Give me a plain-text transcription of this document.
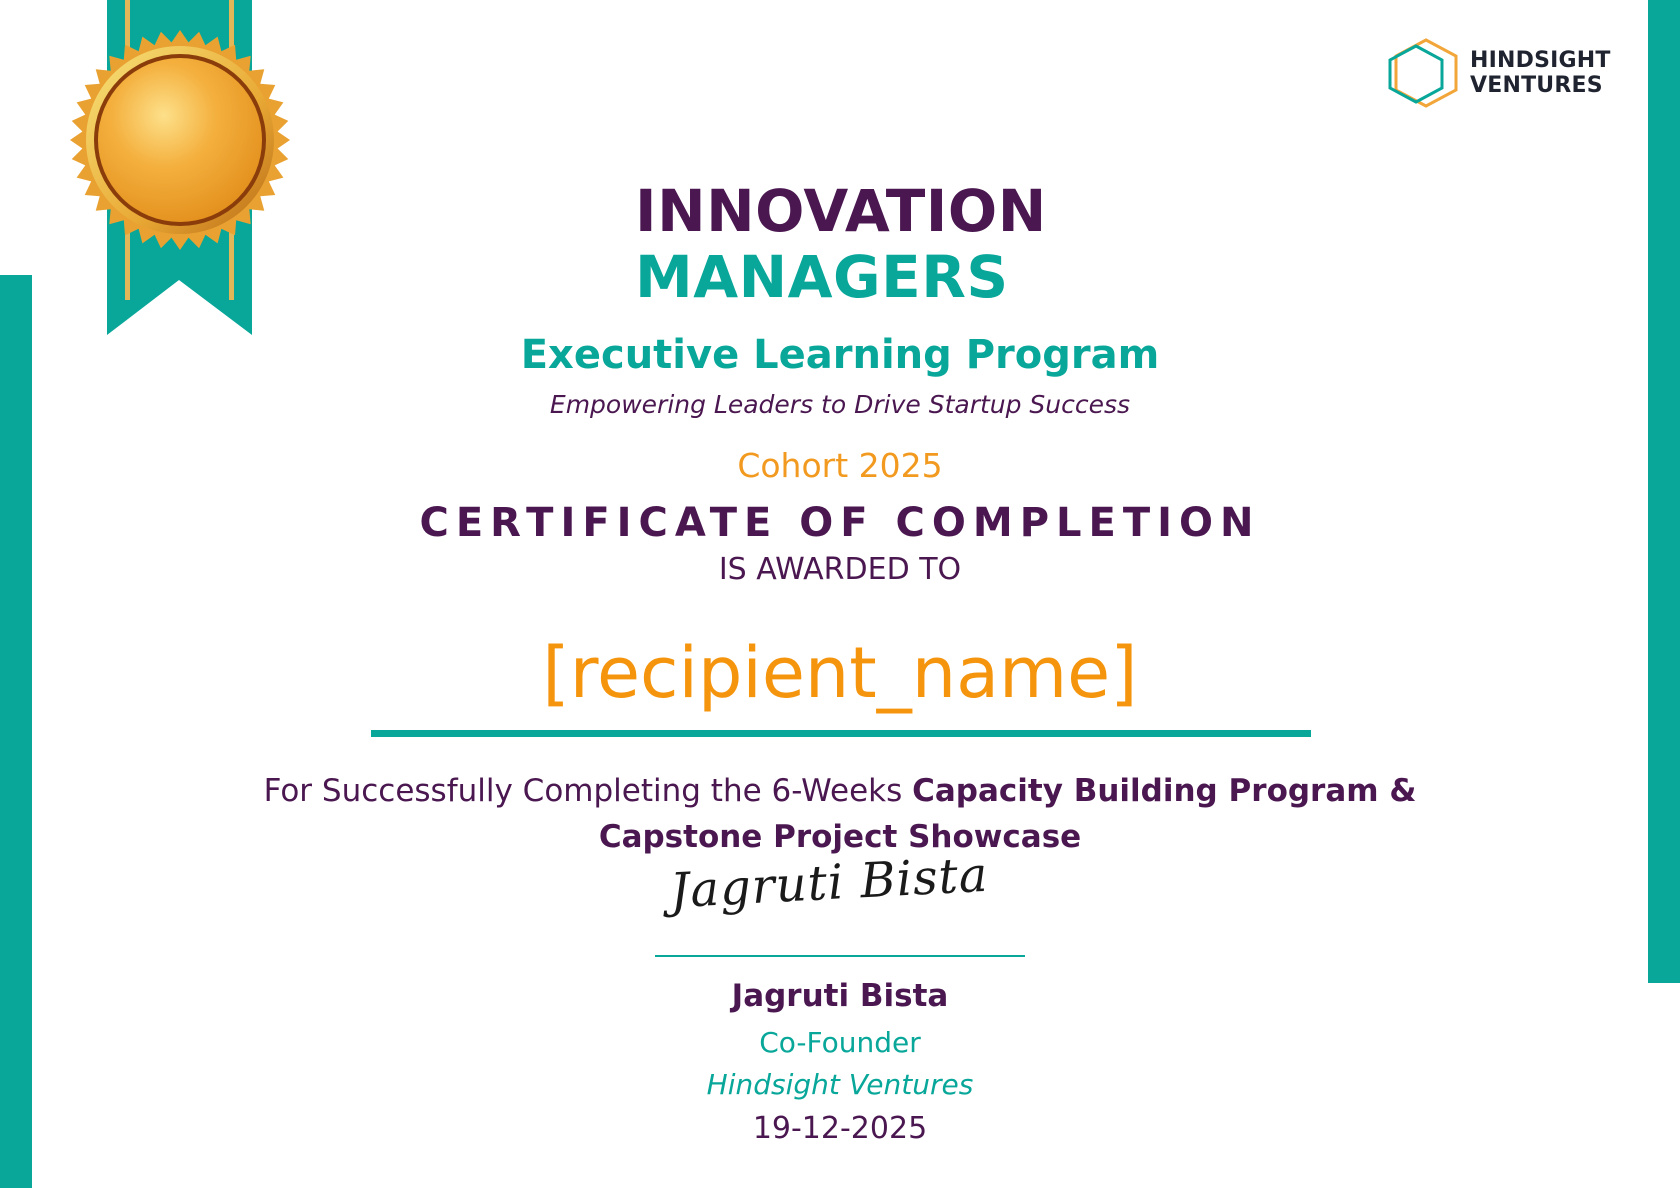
HINDSIGHT
VENTURES
INNOVATION
MANAGERS
Executive Learning Program
Empowering Leaders to Drive Startup Success
Cohort 2025
CERTIFICATE OF COMPLETION
IS AWARDED TO
[recipient_name]
For Successfully Completing the 6-Weeks Capacity Building Program &
Capstone Project Showcase
Jagruti Bista
Jagruti Bista
Co-Founder
Hindsight Ventures
19-12-2025
